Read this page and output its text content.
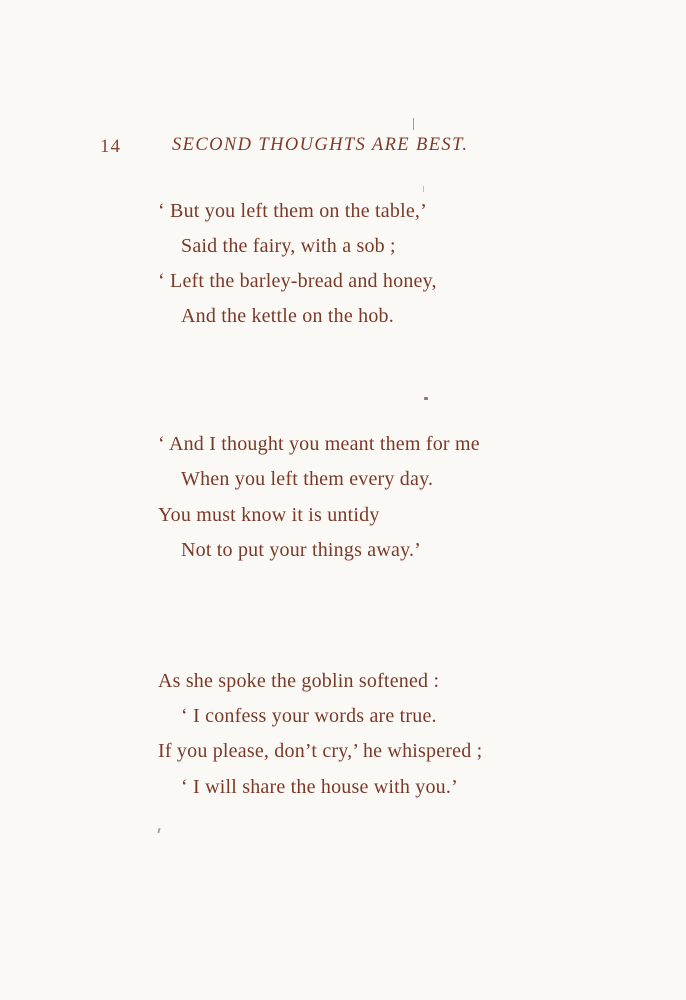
14	SECOND THOUGHTS ARE BEST.
‘ But you left them on the table,’
Said the fairy, with a sob ;
‘ Left the barley-bread and honey,
And the kettle on the hob.
‘ And I thought you meant them for me
When you left them every day.
You must know it is untidy
Not to put your things away.’
As she spoke the goblin softened :
‘ I confess your words are true.
If you please, don’t cry,’ he whispered ;
‘ I will share the house with you.’
